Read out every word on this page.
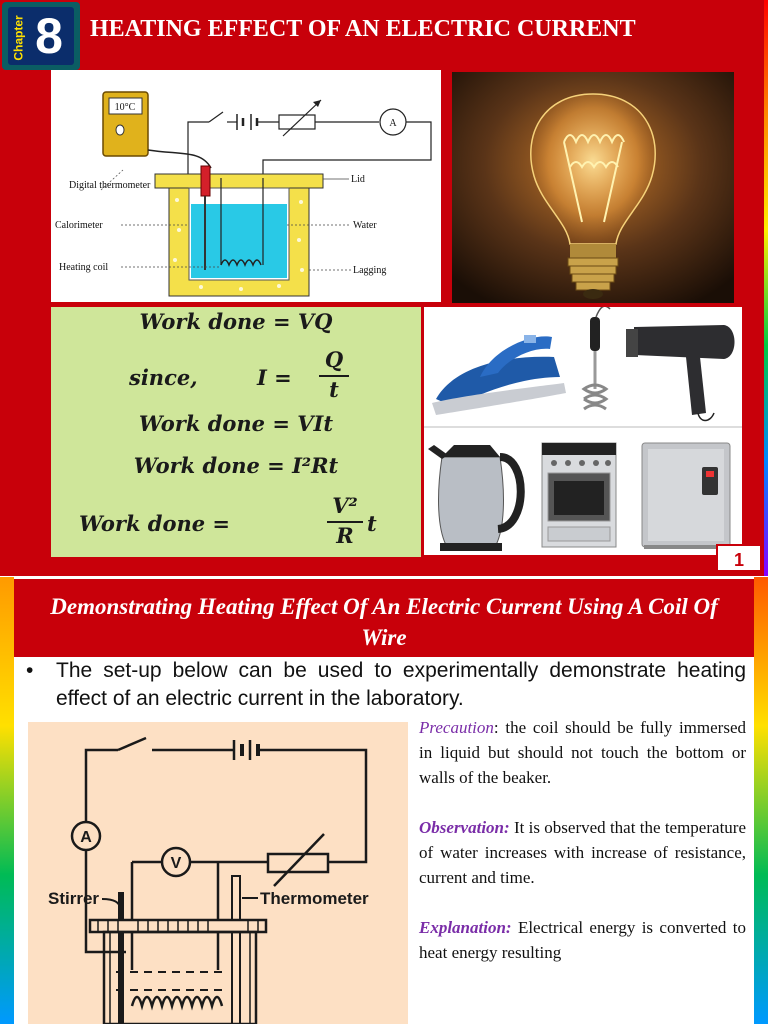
Chapter 8	HEATING EFFECT OF AN ELECTRIC CURRENT
10°C
A
Digital thermometer
Calorimeter
Heating coil
Lid
Water
Lagging
Work done = VQ
since,	I =
Q
t
Work done = VIt
Work done = I²Rt
Work done =
V²
R t
1
Demonstrating Heating Effect Of An Electric Current Using A Coil Of Wire
• The set-up below can be used to experimentally demonstrate heating effect of an electric current in the laboratory.
A
V
Stirrer	Thermometer

Precaution: the coil should be fully immersed in liquid but should not touch the bottom or walls of the beaker.

Observation: It is observed that the temperature of water increases with increase of resistance, current and time.

Explanation: Electrical energy is converted to heat energy resulting
